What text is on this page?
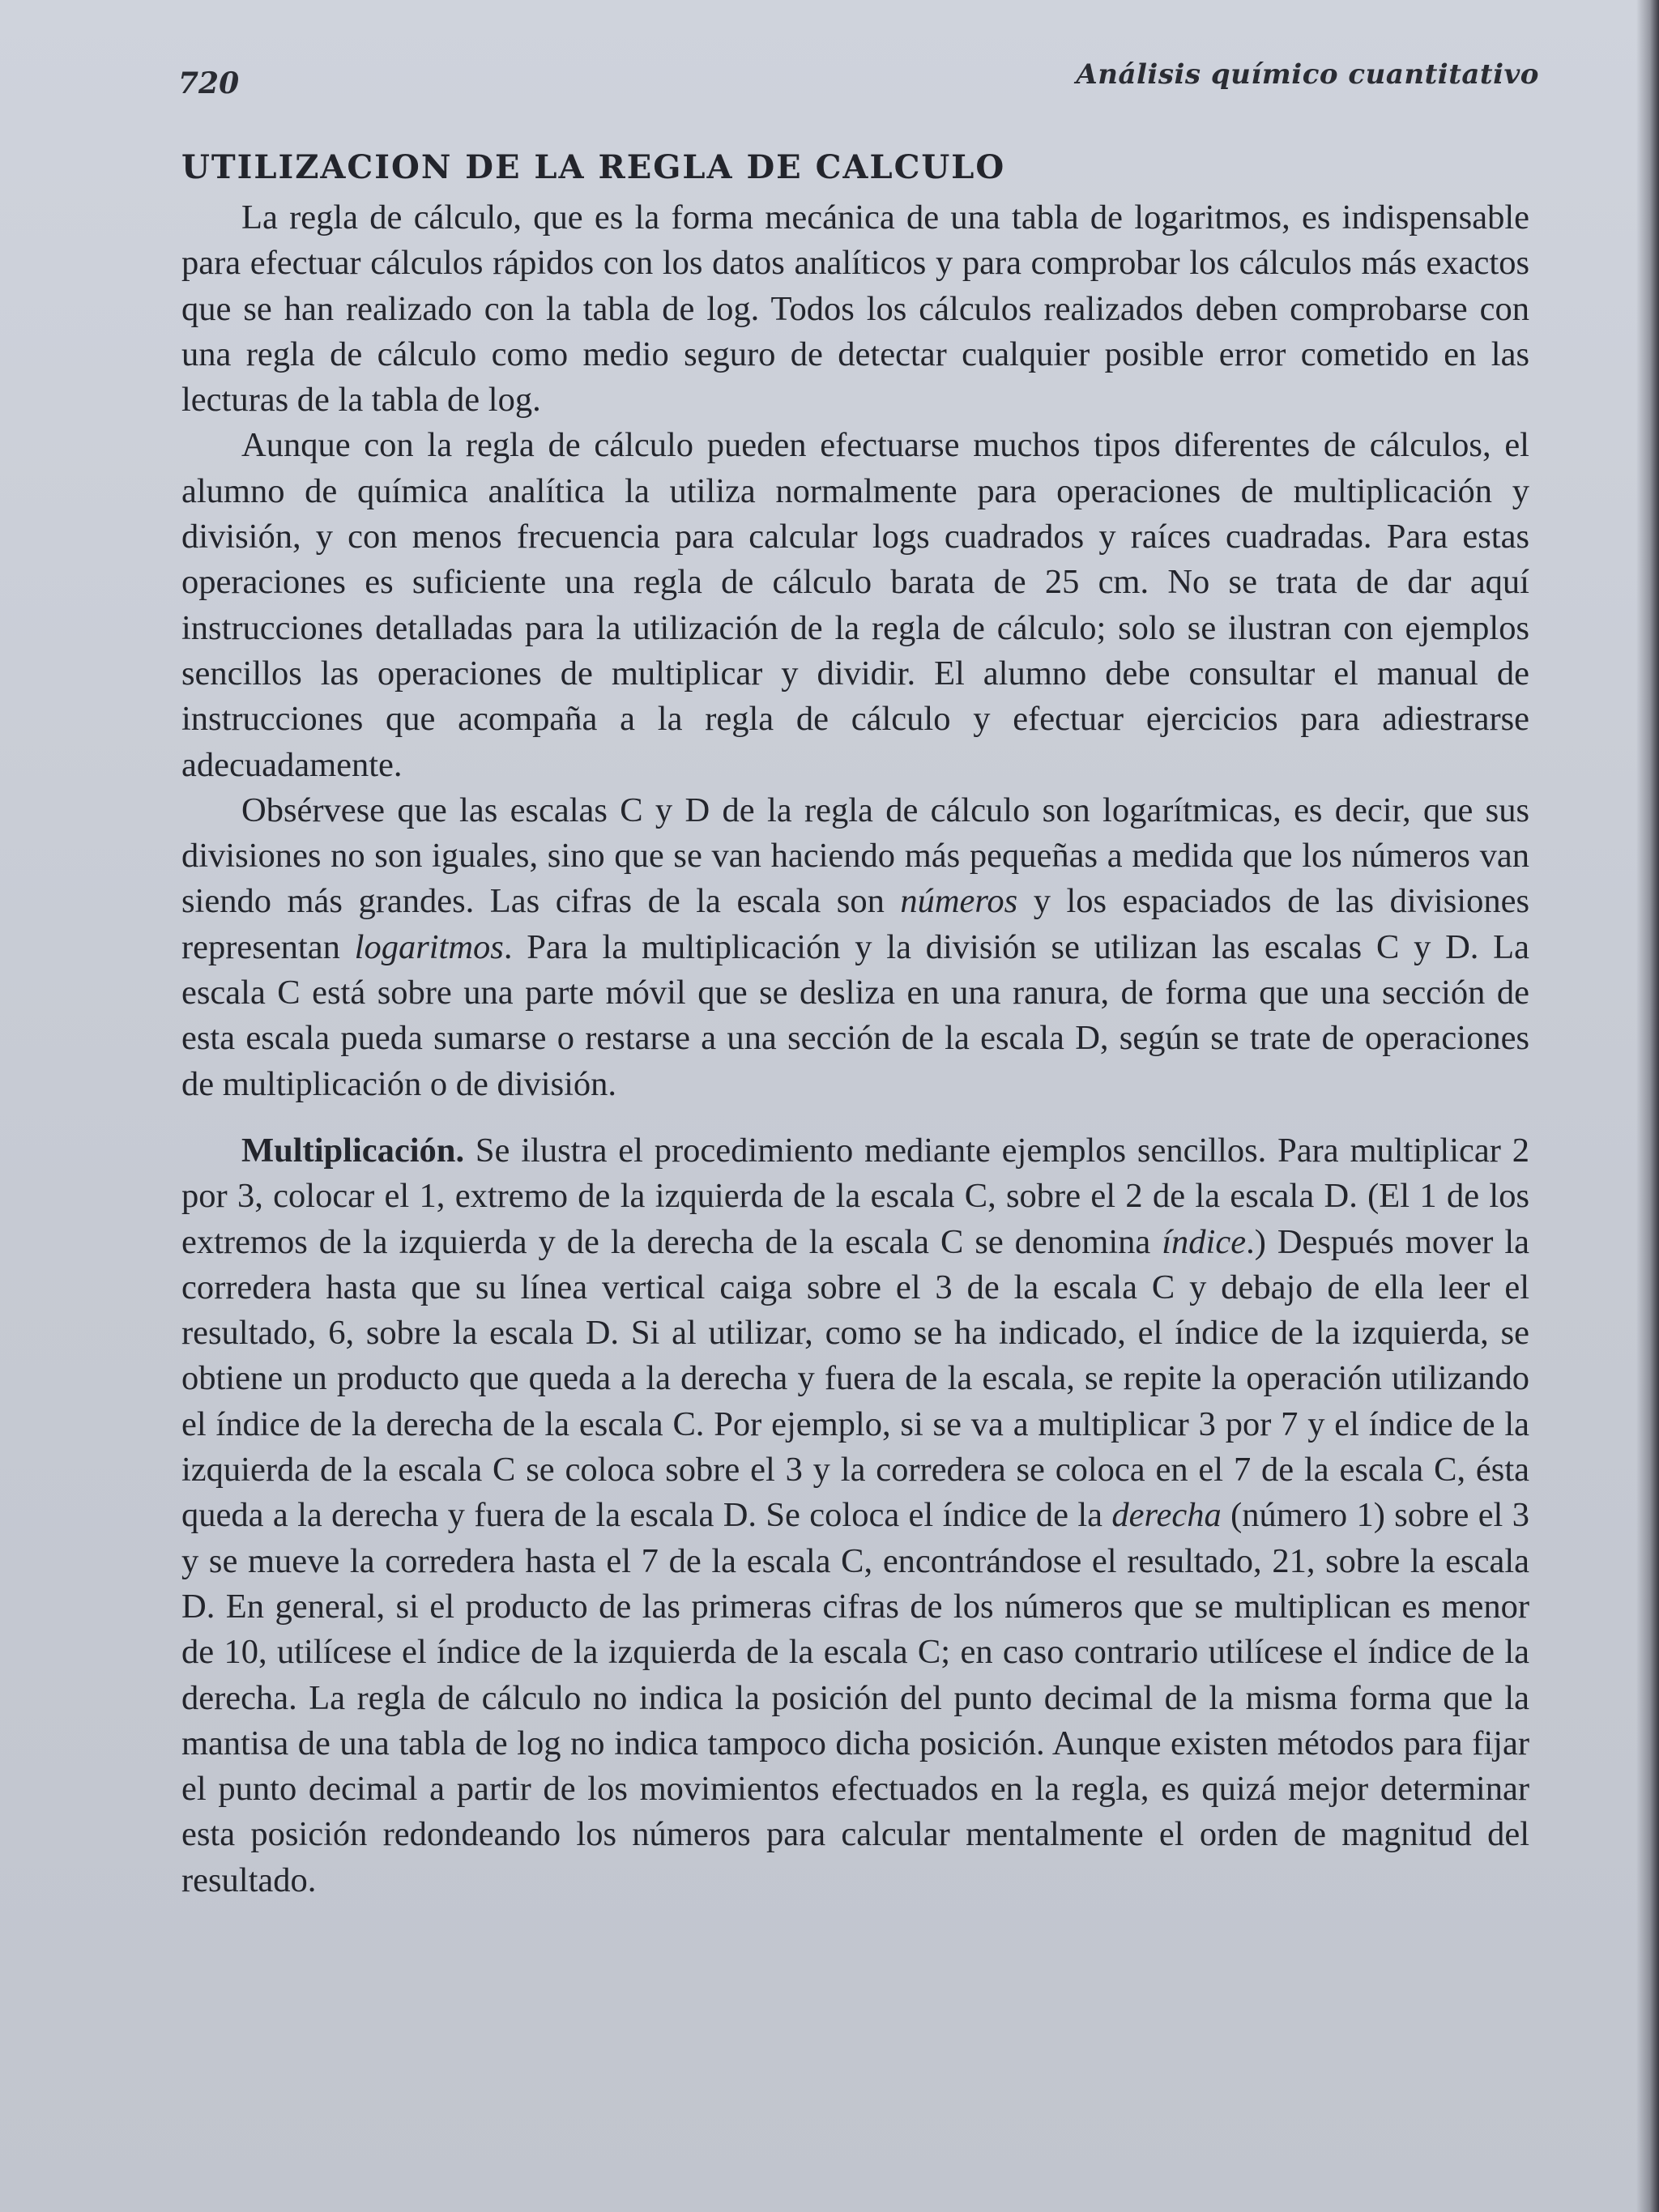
720	Análisis químico cuantitativo
UTILIZACION DE LA REGLA DE CALCULO

La regla de cálculo, que es la forma mecánica de una tabla de logaritmos, es indispensable para efectuar cálculos rápidos con los datos analíticos y para comprobar los cálculos más exactos que se han realizado con la tabla de log. Todos los cálculos realizados deben comprobarse con una regla de cálculo como medio seguro de detectar cualquier posible error cometido en las lecturas de la tabla de log.

Aunque con la regla de cálculo pueden efectuarse muchos tipos diferentes de cálculos, el alumno de química analítica la utiliza normalmente para operaciones de multiplicación y división, y con menos frecuencia para calcular logs cuadrados y raíces cuadradas. Para estas operaciones es suficiente una regla de cálculo barata de 25 cm. No se trata de dar aquí instrucciones detalladas para la utilización de la regla de cálculo; solo se ilustran con ejemplos sencillos las operaciones de multiplicar y dividir. El alumno debe consultar el manual de instrucciones que acompaña a la regla de cálculo y efectuar ejercicios para adiestrarse adecuadamente.

Obsérvese que las escalas C y D de la regla de cálculo son logarítmicas, es decir, que sus divisiones no son iguales, sino que se van haciendo más pequeñas a medida que los números van siendo más grandes. Las cifras de la escala son números y los espaciados de las divisiones representan logaritmos. Para la multiplicación y la división se utilizan las escalas C y D. La escala C está sobre una parte móvil que se desliza en una ranura, de forma que una sección de esta escala pueda sumarse o restarse a una sección de la escala D, según se trate de operaciones de multiplicación o de división.

Multiplicación. Se ilustra el procedimiento mediante ejemplos sencillos. Para multiplicar 2 por 3, colocar el 1, extremo de la izquierda de la escala C, sobre el 2 de la escala D. (El 1 de los extremos de la izquierda y de la derecha de la escala C se denomina índice.) Después mover la corredera hasta que su línea vertical caiga sobre el 3 de la escala C y debajo de ella leer el resultado, 6, sobre la escala D. Si al utilizar, como se ha indicado, el índice de la izquierda, se obtiene un producto que queda a la derecha y fuera de la escala, se repite la operación utilizando el índice de la derecha de la escala C. Por ejemplo, si se va a multiplicar 3 por 7 y el índice de la izquierda de la escala C se coloca sobre el 3 y la corredera se coloca en el 7 de la escala C, ésta queda a la derecha y fuera de la escala D. Se coloca el índice de la derecha (número 1) sobre el 3 y se mueve la corredera hasta el 7 de la escala C, encontrándose el resultado, 21, sobre la escala D. En general, si el producto de las primeras cifras de los números que se multiplican es menor de 10, utilícese el índice de la izquierda de la escala C; en caso contrario utilícese el índice de la derecha. La regla de cálculo no indica la posición del punto decimal de la misma forma que la mantisa de una tabla de log no indica tampoco dicha posición. Aunque existen métodos para fijar el punto decimal a partir de los movimientos efectuados en la regla, es quizá mejor determinar esta posición redondeando los números para calcular mentalmente el orden de magnitud del resultado.
